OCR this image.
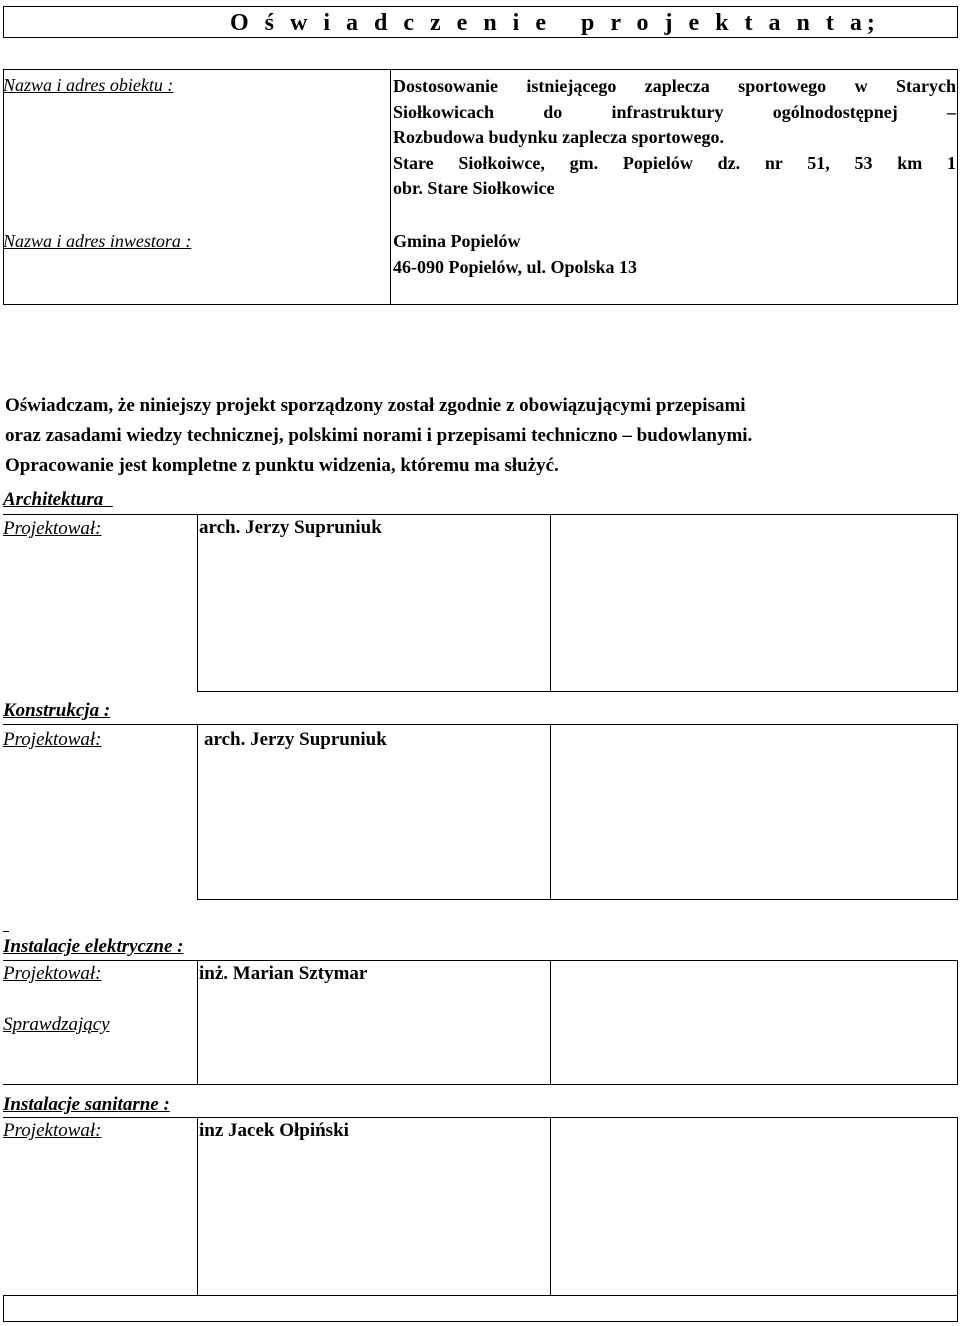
O ś w i a d c z e n i e p r o j e k t a n t a;
Nazwa i adres obiektu :	Dostosowanie istniejącego zaplecza sportowego w Starych
Siołkowicach do infrastruktury ogólnodostępnej –
Rozbudowa budynku zaplecza sportowego.
Stare Siołkoiwce, gm. Popielów dz. nr 51, 53 km 1
obr. Stare Siołkowice
Nazwa i adres inwestora :	Gmina Popielów
46-090 Popielów, ul. Opolska 13
Oświadczam, że niniejszy projekt sporządzony został zgodnie z obowiązującymi przepisami
oraz zasadami wiedzy technicznej, polskimi norami i przepisami techniczno – budowlanymi.
Opracowanie jest kompletne z punktu widzenia, któremu ma służyć.
Architektura
Projektował:	arch. Jerzy Supruniuk
Konstrukcja :
Projektował:	arch. Jerzy Supruniuk
Instalacje elektryczne :
Projektował:	inż. Marian Sztymar
Sprawdzający
Instalacje sanitarne :
Projektował:	inz Jacek Ołpiński
